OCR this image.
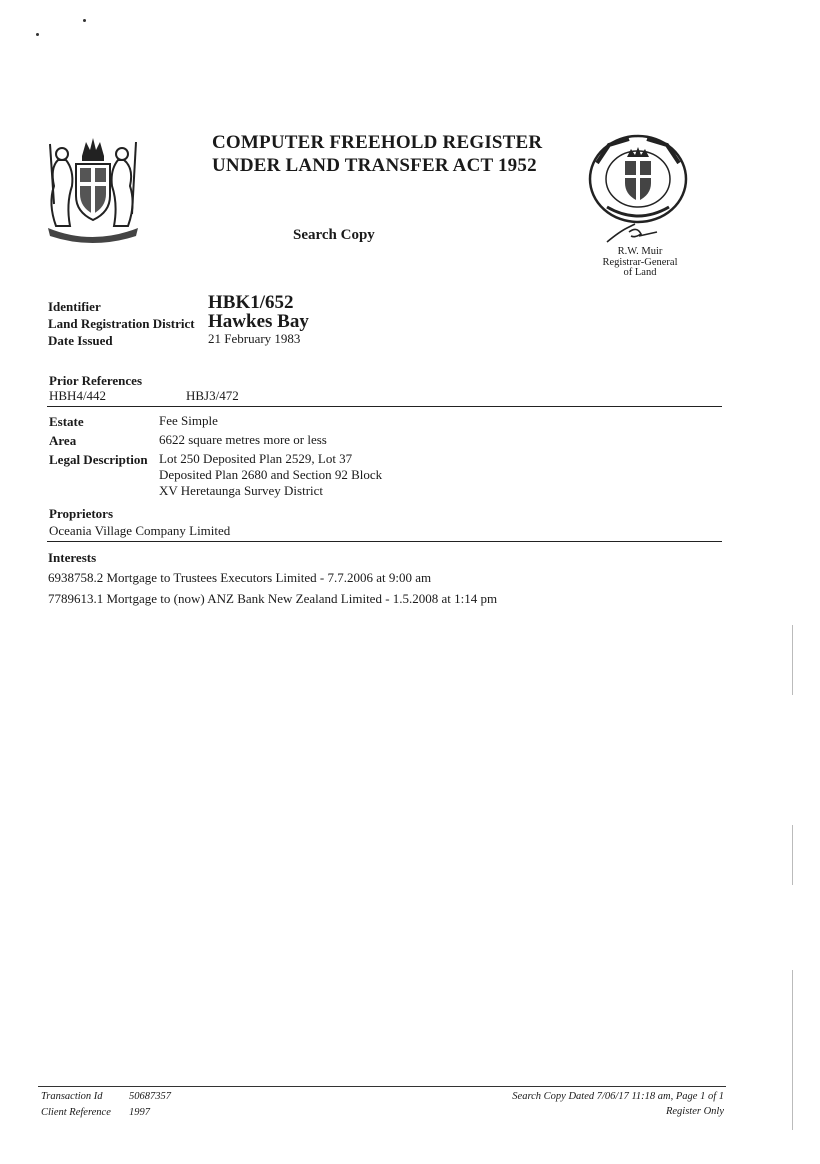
COMPUTER FREEHOLD REGISTER
UNDER LAND TRANSFER ACT 1952
Search Copy
R.W. Muir
Registrar-General
of Land
Identifier	HBK1/652
Land Registration District Hawkes Bay
Date Issued	21 February 1983
Prior References
HBH4/442	HBJ3/472
Estate	Fee Simple
Area	6622 square metres more or less
Legal Description Lot 250 Deposited Plan 2529, Lot 37
Deposited Plan 2680 and Section 92 Block
XV Heretaunga Survey District
Proprietors
Oceania Village Company Limited
Interests
6938758.2 Mortgage to Trustees Executors Limited - 7.7.2006 at 9:00 am
7789613.1 Mortgage to (now) ANZ Bank New Zealand Limited - 1.5.2008 at 1:14 pm
Transaction Id	50687357
Client Reference 1997
Search Copy Dated 7/06/17 11:18 am, Page 1 of 1
Register Only
